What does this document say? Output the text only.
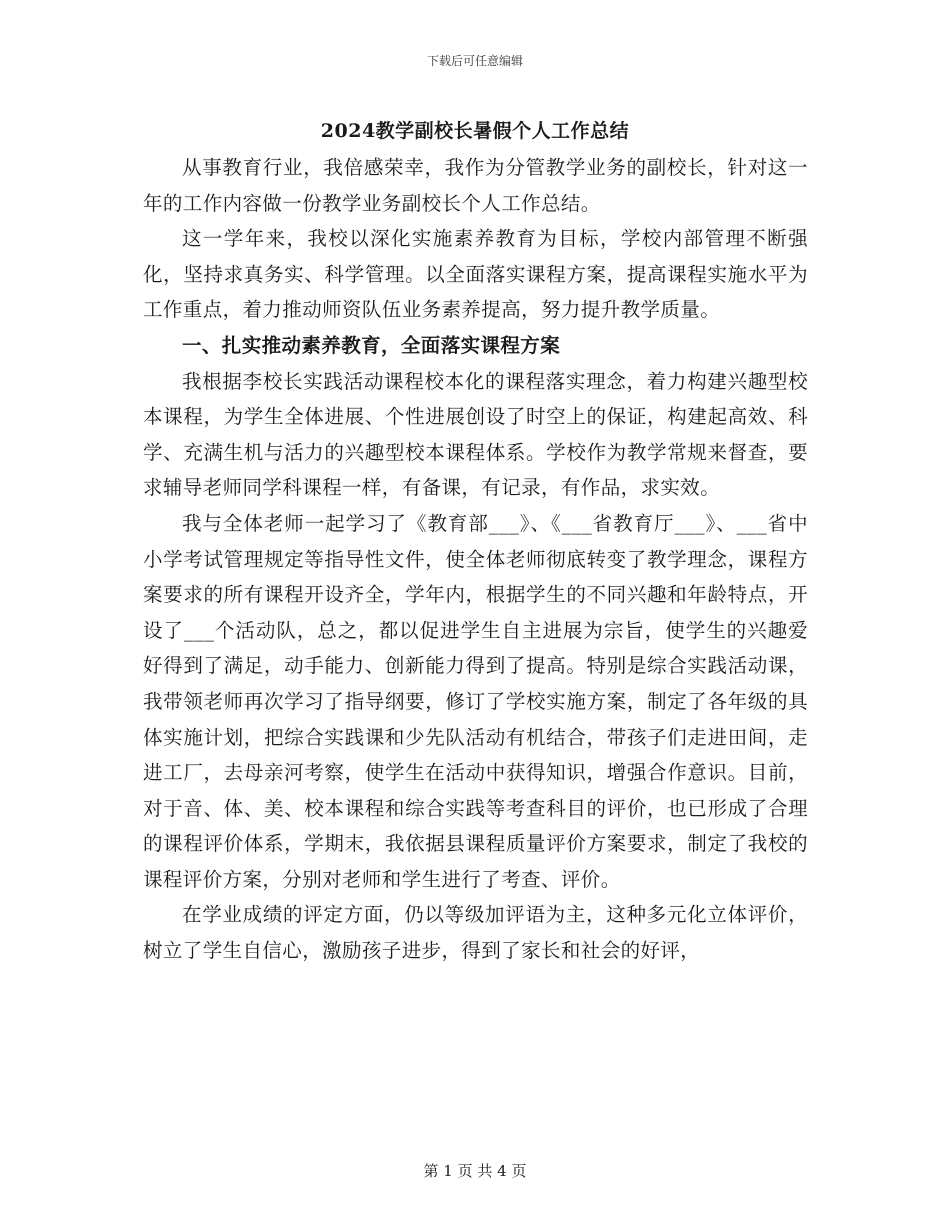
下载后可任意编辑
2024教学副校长暑假个人工作总结

从事教育行业，我倍感荣幸，我作为分管教学业务的副校长，针对这一年的工作内容做一份教学业务副校长个人工作总结。

这一学年来，我校以深化实施素养教育为目标，学校内部管理不断强化，坚持求真务实、科学管理。以全面落实课程方案，提高课程实施水平为工作重点，着力推动师资队伍业务素养提高，努力提升教学质量。

一、扎实推动素养教育，全面落实课程方案

我根据李校长实践活动课程校本化的课程落实理念，着力构建兴趣型校本课程，为学生全体进展、个性进展创设了时空上的保证，构建起高效、科学、充满生机与活力的兴趣型校本课程体系。学校作为教学常规来督查，要求辅导老师同学科课程一样，有备课，有记录，有作品，求实效。

我与全体老师一起学习了《教育部___》、《___省教育厅___》、___省中小学考试管理规定等指导性文件，使全体老师彻底转变了教学理念，课程方案要求的所有课程开设齐全，学年内，根据学生的不同兴趣和年龄特点，开设了___个活动队，总之，都以促进学生自主进展为宗旨，使学生的兴趣爱好得到了满足，动手能力、创新能力得到了提高。特别是综合实践活动课，我带领老师再次学习了指导纲要，修订了学校实施方案，制定了各年级的具体实施计划，把综合实践课和少先队活动有机结合，带孩子们走进田间，走进工厂，去母亲河考察，使学生在活动中获得知识，增强合作意识。目前，对于音、体、美、校本课程和综合实践等考查科目的评价，也已形成了合理的课程评价体系，学期末，我依据县课程质量评价方案要求，制定了我校的课程评价方案，分别对老师和学生进行了考查、评价。

在学业成绩的评定方面，仍以等级加评语为主，这种多元化立体评价，树立了学生自信心，激励孩子进步，得到了家长和社会的好评，

第 1 页 共 4 页
